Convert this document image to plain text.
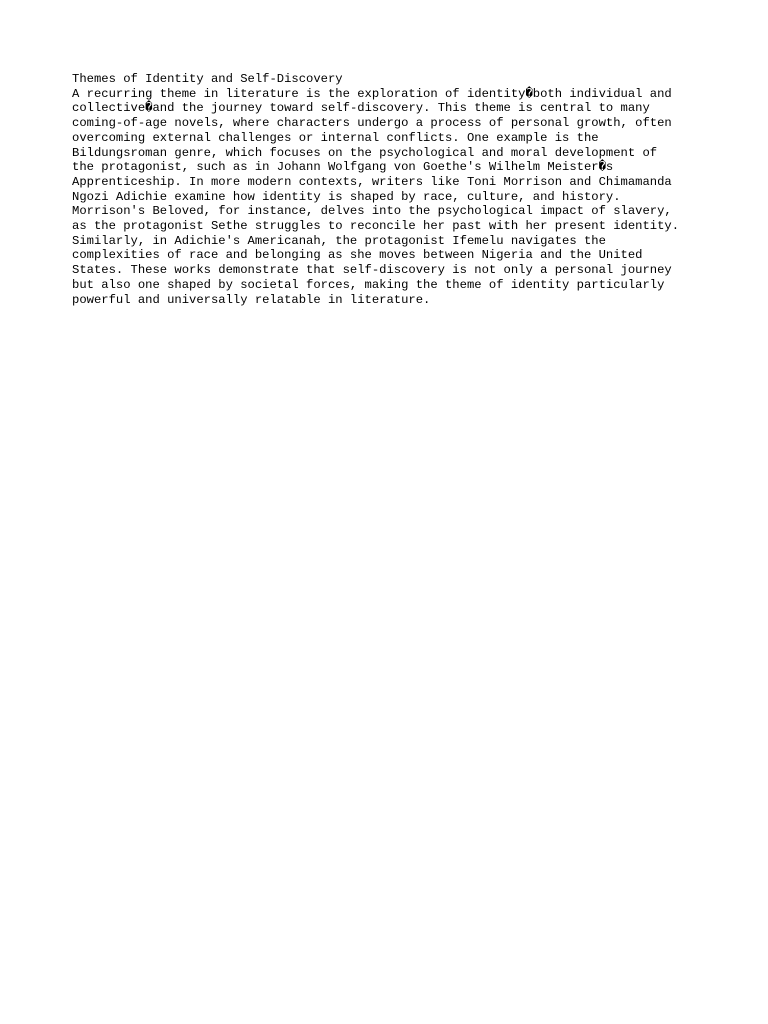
Themes of Identity and Self-Discovery
A recurring theme in literature is the exploration of identity�both individual and
collective�and the journey toward self-discovery. This theme is central to many
coming-of-age novels, where characters undergo a process of personal growth, often
overcoming external challenges or internal conflicts. One example is the
Bildungsroman genre, which focuses on the psychological and moral development of
the protagonist, such as in Johann Wolfgang von Goethe's Wilhelm Meister�s
Apprenticeship. In more modern contexts, writers like Toni Morrison and Chimamanda
Ngozi Adichie examine how identity is shaped by race, culture, and history.
Morrison's Beloved, for instance, delves into the psychological impact of slavery,
as the protagonist Sethe struggles to reconcile her past with her present identity.
Similarly, in Adichie's Americanah, the protagonist Ifemelu navigates the
complexities of race and belonging as she moves between Nigeria and the United
States. These works demonstrate that self-discovery is not only a personal journey
but also one shaped by societal forces, making the theme of identity particularly
powerful and universally relatable in literature.
